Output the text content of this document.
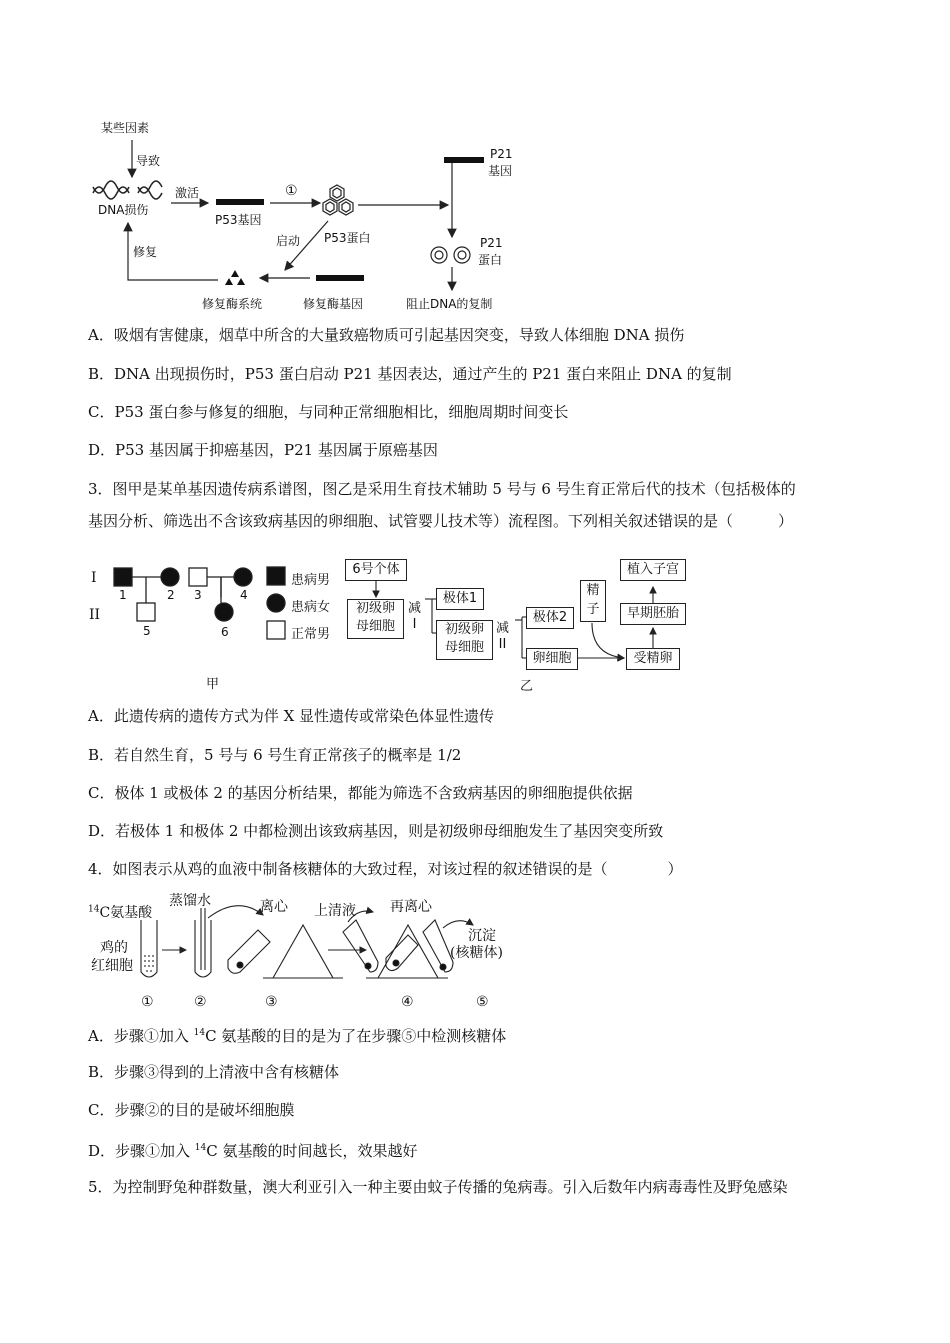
某些因素
导致
DNA损伤
激活
P53基因
①
P53蛋白
启动
P21
基因
P21
蛋白
修复
修复酶系统	修复酶基因	阻止DNA的复制
A．吸烟有害健康，烟草中所含的大量致癌物质可引起基因突变，导致人体细胞 DNA 损伤
B．DNA 出现损伤时，P53 蛋白启动 P21 基因表达，通过产生的 P21 蛋白来阻止 DNA 的复制
C．P53 蛋白参与修复的细胞，与同种正常细胞相比，细胞周期时间变长
D．P53 基因属于抑癌基因，P21 基因属于原癌基因
3．图甲是某单基因遗传病系谱图，图乙是采用生育技术辅助 5 号与 6 号生育正常后代的技术（包括极体的
基因分析、筛选出不含该致病基因的卵细胞、试管婴儿技术等）流程图。下列相关叙述错误的是（　　　）
I
II
1	2 3	4
5	6
患病男
患病女
正常男
甲
6号个体
初级卵
母细胞
减
I
极体1
初级卵
母细胞
减
II
极体2
卵细胞
精
子
受精卵
早期胚胎
植入子宫
乙
A．此遗传病的遗传方式为伴 X 显性遗传或常染色体显性遗传
B．若自然生育，5 号与 6 号生育正常孩子的概率是 1/2
C．极体 1 或极体 2 的基因分析结果，都能为筛选不含致病基因的卵细胞提供依据
D．若极体 1 和极体 2 中都检测出该致病基因，则是初级卵母细胞发生了基因突变所致
4．如图表示从鸡的血液中制备核糖体的大致过程，对该过程的叙述错误的是（　　　　）
$^{14}$C氨基酸
蒸馏水	离心 上清液 再离心
鸡的
红细胞
沉淀
(核糖体)
①	②	③	④	⑤
A．步骤①加入 $^{14}$C 氨基酸的目的是为了在步骤⑤中检测核糖体
B．步骤③得到的上清液中含有核糖体
C．步骤②的目的是破坏细胞膜
D．步骤①加入 $^{14}$C 氨基酸的时间越长，效果越好
5．为控制野兔种群数量，澳大利亚引入一种主要由蚊子传播的兔病毒。引入后数年内病毒毒性及野兔感染
